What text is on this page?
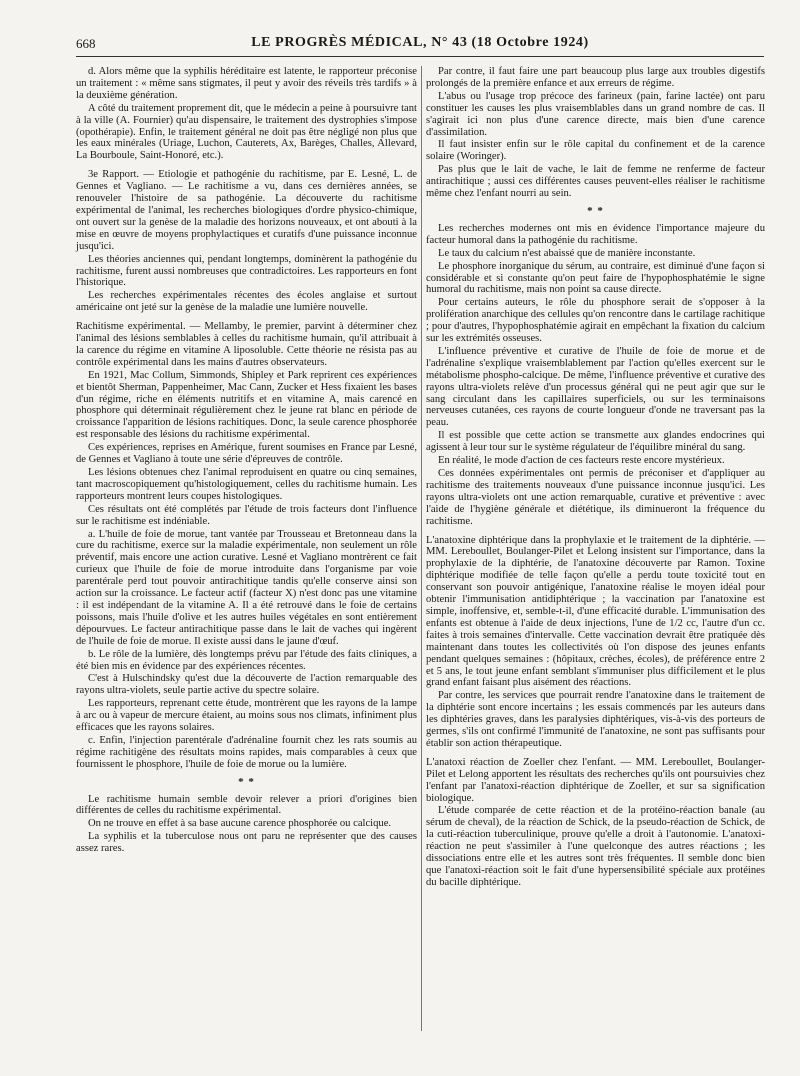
668	LE PROGRÈS MÉDICAL, N° 43 (18 Octobre 1924)

d. Alors même que la syphilis héréditaire est latente, le rapporteur préconise un traitement : « même sans stigmates, il peut y avoir des réveils très tardifs » à la deuxième génération.

A côté du traitement proprement dit, que le médecin a peine à poursuivre tant à la ville (A. Fournier) qu'au dispensaire, le traitement des dystrophies s'impose (opothérapie). Enfin, le traitement général ne doit pas être négligé non plus que les eaux minérales (Uriage, Luchon, Cauterets, Ax, Barèges, Challes, Allevard, La Bourboule, Saint-Honoré, etc.).

3e Rapport. — Etiologie et pathogénie du rachitisme, par E. Lesné, L. de Gennes et Vagliano. — Le rachitisme a vu, dans ces dernières années, se renouveler l'histoire de sa pathogénie. La découverte du rachitisme expérimental de l'animal, les recherches biologiques d'ordre physico-chimique, ont ouvert sur la genèse de la maladie des horizons nouveaux, et ont abouti à la mise en œuvre de moyens prophylactiques et curatifs d'une puissance inconnue jusqu'ici.

Les théories anciennes qui, pendant longtemps, dominèrent la pathogénie du rachitisme, furent aussi nombreuses que contradictoires. Les rapporteurs en font l'historique.

Les recherches expérimentales récentes des écoles anglaise et surtout américaine ont jeté sur la genèse de la maladie une lumière nouvelle.

Rachitisme expérimental. — Mellamby, le premier, parvint à déterminer chez l'animal des lésions semblables à celles du rachitisme humain, qu'il attribuait à la carence du régime en vitamine A liposoluble. Cette théorie ne résista pas au contrôle expérimental dans les mains d'autres observateurs.

En 1921, Mac Collum, Simmonds, Shipley et Park reprirent ces expériences et bientôt Sherman, Pappenheimer, Mac Cann, Zucker et Hess fixaient les bases d'un régime, riche en éléments nutritifs et en vitamine A, mais carencé en phosphore qui déterminait régulièrement chez le jeune rat blanc en période de croissance l'apparition de lésions rachitiques. Donc, la seule carence phosphorée est responsable des lésions du rachitisme expérimental.

Ces expériences, reprises en Amérique, furent soumises en France par Lesné, de Gennes et Vagliano à toute une série d'épreuves de contrôle.

Les lésions obtenues chez l'animal reproduisent en quatre ou cinq semaines, tant macroscopiquement qu'histologiquement, celles du rachitisme humain. Les rapporteurs montrent leurs coupes histologiques.

Ces résultats ont été complétés par l'étude de trois facteurs dont l'influence sur le rachitisme est indéniable.

a. L'huile de foie de morue, tant vantée par Trousseau et Bretonneau dans la cure du rachitisme, exerce sur la maladie expérimentale, non seulement un rôle préventif, mais encore une action curative. Lesné et Vagliano montrèrent ce fait curieux que l'huile de foie de morue introduite dans l'organisme par voie parentérale perd tout pouvoir antirachitique tandis qu'elle conserve ainsi son action sur la croissance. Le facteur actif (facteur X) n'est donc pas une vitamine : il est indépendant de la vitamine A. Il a été retrouvé dans le foie de certains poissons, mais l'huile d'olive et les autres huiles végétales en sont entièrement dépourvues. Le facteur antirachitique passe dans le lait de vaches qui ingèrent de l'huile de foie de morue. Il existe aussi dans le jaune d'œuf.

b. Le rôle de la lumière, dès longtemps prévu par l'étude des faits cliniques, a été bien mis en évidence par des expériences récentes.

C'est à Hulschindsky qu'est due la découverte de l'action remarquable des rayons ultra-violets, seule partie active du spectre solaire.

Les rapporteurs, reprenant cette étude, montrèrent que les rayons de la lampe à arc ou à vapeur de mercure étaient, au moins sous nos climats, infiniment plus efficaces que les rayons solaires.

c. Enfin, l'injection parentérale d'adrénaline fournit chez les rats soumis au régime rachitigène des résultats moins rapides, mais comparables à ceux que fournissent le phosphore, l'huile de foie de morue ou la lumière.

* *

Le rachitisme humain semble devoir relever a priori d'origines bien différentes de celles du rachitisme expérimental.

On ne trouve en effet à sa base aucune carence phosphorée ou calcique.

La syphilis et la tuberculose nous ont paru ne représenter que des causes assez rares.

Par contre, il faut faire une part beaucoup plus large aux troubles digestifs prolongés de la première enfance et aux erreurs de régime.

L'abus ou l'usage trop précoce des farineux (pain, farine lactée) ont paru constituer les causes les plus vraisemblables dans un grand nombre de cas. Il s'agirait ici non plus d'une carence directe, mais bien d'une carence d'assimilation.

Il faut insister enfin sur le rôle capital du confinement et de la carence solaire (Woringer).

Pas plus que le lait de vache, le lait de femme ne renferme de facteur antirachitique ; aussi ces différentes causes peuvent-elles réaliser le rachitisme même chez l'enfant nourri au sein.

* *

Les recherches modernes ont mis en évidence l'importance majeure du facteur humoral dans la pathogénie du rachitisme.

Le taux du calcium n'est abaissé que de manière inconstante.

Le phosphore inorganique du sérum, au contraire, est diminué d'une façon si considérable et si constante qu'on peut faire de l'hypophosphatémie le signe humoral du rachitisme, mais non point sa cause directe.

Pour certains auteurs, le rôle du phosphore serait de s'opposer à la prolifération anarchique des cellules qu'on rencontre dans le cartilage rachitique ; pour d'autres, l'hypophosphatémie agirait en empêchant la fixation du calcium sur les extrémités osseuses.

L'influence préventive et curative de l'huile de foie de morue et de l'adrénaline s'explique vraisemblablement par l'action qu'elles exercent sur le métabolisme phospho-calcique. De même, l'influence préventive et curative des rayons ultra-violets relève d'un processus général qui ne peut agir que sur le sang circulant dans les capillaires superficiels, ou sur les terminaisons nerveuses cutanées, ces rayons de courte longueur d'onde ne traversant pas la peau.

Il est possible que cette action se transmette aux glandes endocrines qui agissent à leur tour sur le système régulateur de l'équilibre minéral du sang.

En réalité, le mode d'action de ces facteurs reste encore mystérieux.

Ces données expérimentales ont permis de préconiser et d'appliquer au rachitisme des traitements nouveaux d'une puissance inconnue jusqu'ici. Les rayons ultra-violets ont une action remarquable, curative et préventive : avec l'aide de l'hygiène générale et diététique, ils diminueront la fréquence du rachitisme.

L'anatoxine diphtérique dans la prophylaxie et le traitement de la diphtérie. — MM. Lereboullet, Boulanger-Pilet et Lelong insistent sur l'importance, dans la prophylaxie de la diphtérie, de l'anatoxine découverte par Ramon. Toxine diphtérique modifiée de telle façon qu'elle a perdu toute toxicité tout en conservant son pouvoir antigénique, l'anatoxine réalise le moyen idéal pour obtenir l'immunisation antidiphtérique ; la vaccination par l'anatoxine est simple, inoffensive, et, semble-t-il, d'une efficacité durable. L'immunisation des enfants est obtenue à l'aide de deux injections, l'une de 1/2 cc, l'autre d'un cc. faites à trois semaines d'intervalle. Cette vaccination devrait être pratiquée dès maintenant dans toutes les collectivités où l'on dispose des jeunes enfants pendant quelques semaines : (hôpitaux, crèches, écoles), de préférence entre 2 et 5 ans, le tout jeune enfant semblant s'immuniser plus difficilement et le plus grand enfant faisant plus aisément des réactions.

Par contre, les services que pourrait rendre l'anatoxine dans le traitement de la diphtérie sont encore incertains ; les essais commencés par les auteurs dans les diphtéries graves, dans les paralysies diphtériques, vis-à-vis des porteurs de germes, s'ils ont confirmé l'immunité de l'anatoxine, ne sont pas suffisants pour établir son action thérapeutique.

L'anatoxi réaction de Zoeller chez l'enfant. — MM. Lereboullet, Boulanger-Pilet et Lelong apportent les résultats des recherches qu'ils ont poursuivies chez l'enfant par l'anatoxi-réaction diphtérique de Zoeller, et sur sa signification biologique.

L'étude comparée de cette réaction et de la protéino-réaction banale (au sérum de cheval), de la réaction de Schick, de la pseudo-réaction de Schick, de la cuti-réaction tuberculinique, prouve qu'elle a droit à l'autonomie. L'anatoxi-réaction ne peut s'assimiler à l'une quelconque des autres réactions ; les dissociations entre elle et les autres sont très fréquentes. Il semble donc bien que l'anatoxi-réaction soit le fait d'une hypersensibilité spéciale aux protéines du bacille diphtérique.
